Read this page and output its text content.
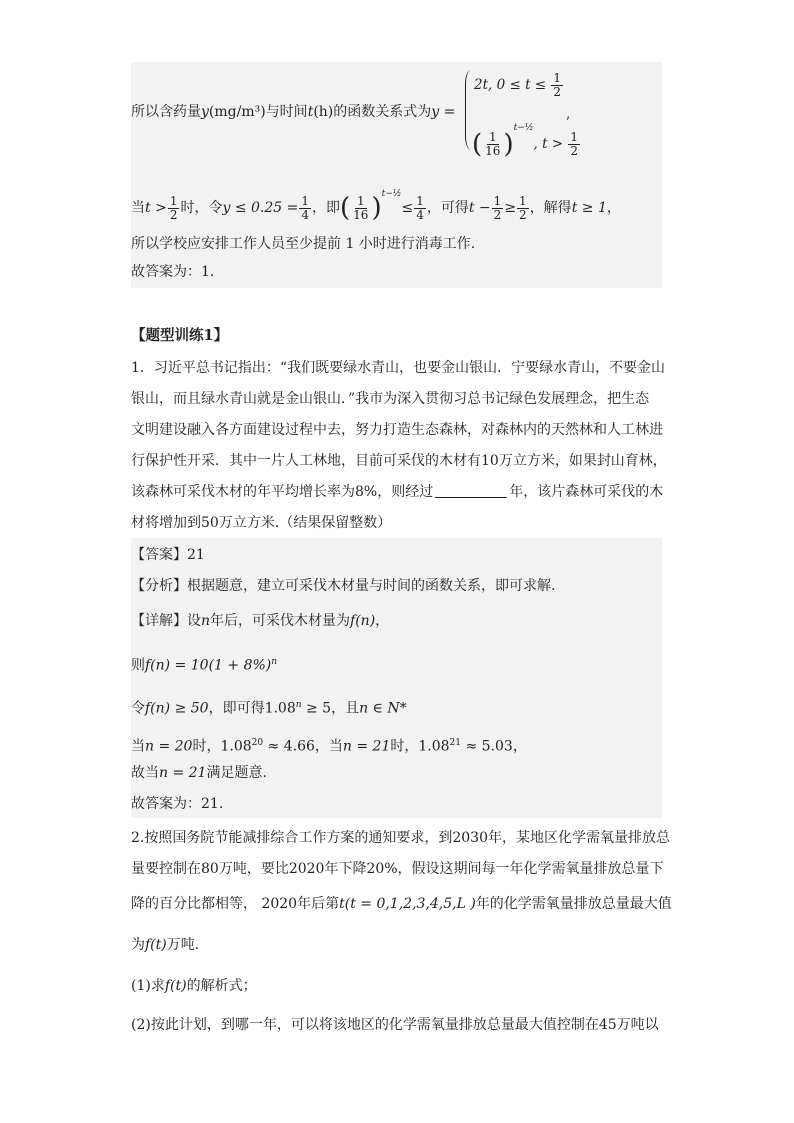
所以含药量y(mg/m³)与时间t(h)的函数关系式为y =
2t, $0 \le t \le \frac{1}{2}$
( $\frac{1}{16} )^{t-\frac{1}{2}}$, $t > \frac{1}{2}$
,
当$t > \frac{1}{2}$ 时，令$y \le 0.25 = \frac{1}{4}$ ，即( $\frac{1}{16} )^{t-\frac{1}{2}}\le \frac{1}{4}$ ，可得$t - \frac{1}{2} \ge \frac{1}{2}$ ，解得t ≥ 1，
所以学校应安排工作人员至少提前 1 小时进行消毒工作.
故答案为：1.
【题型训练1】
1．习近平总书记指出：“我们既要绿水青山，也要金山银山．宁要绿水青山，不要金山
银山，而且绿水青山就是金山银山．”我市为深入贯彻习总书记绿色发展理念，把生态
文明建设融入各方面建设过程中去，努力打造生态森林，对森林内的天然林和人工林进
行保护性开采．其中一片人工林地，目前可采伐的木材有10万立方米，如果封山育林，
该森林可采伐木材的年平均增长率为8%，则经过	年，该片森林可采伐的木
材将增加到50万立方米.（结果保留整数）
【答案】21
【分析】根据题意，建立可采伐木材量与时间的函数关系，即可求解.
【详解】设n年后，可采伐木材量为f(n)，
则$f(n) = 10(1 + 8\%)^n$
令f(n) ≥ 50，即可得$1.08^n \ge 5$，且n ∈ N*
当n = 20时，$1.08^{20} \approx 4.66$，当n = 21时，$1.08^{21} \approx 5.03$，
故当n = 21满足题意.
故答案为：21.
2.按照国务院节能减排综合工作方案的通知要求，到2030年，某地区化学需氧量排放总
量要控制在80万吨，要比2020年下降20%，假设这期间每一年化学需氧量排放总量下
降的百分比都相等， 2020年后第t(t = 0,1,2,3,4,5,L )年的化学需氧量排放总量最大值
为f(t)万吨．
(1)求f(t)的解析式；
(2)按此计划，到哪一年，可以将该地区的化学需氧量排放总量最大值控制在45万吨以
